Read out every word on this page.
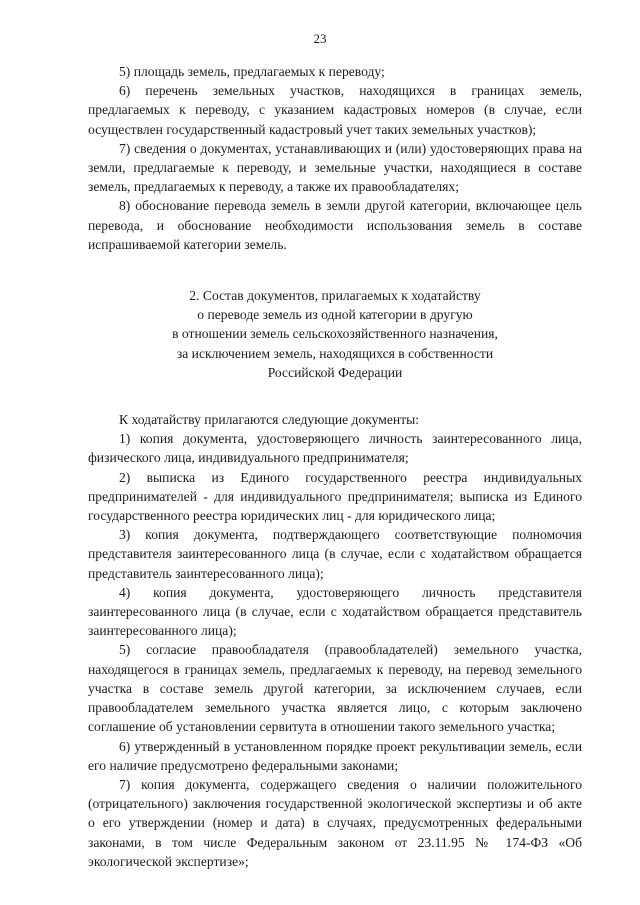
23

5) площадь земель, предлагаемых к переводу;

6) перечень земельных участков, находящихся в границах земель, предлагаемых к переводу, с указанием кадастровых номеров (в случае, если осуществлен государственный кадастровый учет таких земельных участков);

7) сведения о документах, устанавливающих и (или) удостоверяющих права на земли, предлагаемые к переводу, и земельные участки, находящиеся в составе земель, предлагаемых к переводу, а также их правообладателях;

8) обоснование перевода земель в земли другой категории, включающее цель перевода, и обоснование необходимости использования земель в составе испрашиваемой категории земель.

2. Состав документов, прилагаемых к ходатайству
о переводе земель из одной категории в другую
в отношении земель сельскохозяйственного назначения,
за исключением земель, находящихся в собственности
Российской Федерации

К ходатайству прилагаются следующие документы:

1) копия документа, удостоверяющего личность заинтересованного лица, физического лица, индивидуального предпринимателя;

2) выписка из Единого государственного реестра индивидуальных предпринимателей - для индивидуального предпринимателя; выписка из Единого государственного реестра юридических лиц - для юридического лица;

3) копия документа, подтверждающего соответствующие полномочия представителя заинтересованного лица (в случае, если с ходатайством обращается представитель заинтересованного лица);

4) копия документа, удостоверяющего личность представителя заинтересованного лица (в случае, если с ходатайством обращается представитель заинтересованного лица);

5) согласие правообладателя (правообладателей) земельного участка, находящегося в границах земель, предлагаемых к переводу, на перевод земельного участка в составе земель другой категории, за исключением случаев, если правообладателем земельного участка является лицо, с которым заключено соглашение об установлении сервитута в отношении такого земельного участка;

6) утвержденный в установленном порядке проект рекультивации земель, если его наличие предусмотрено федеральными законами;

7) копия документа, содержащего сведения о наличии положительного (отрицательного) заключения государственной экологической экспертизы и об акте о его утверждении (номер и дата) в случаях, предусмотренных федеральными законами, в том числе Федеральным законом от 23.11.95 № 174-ФЗ «Об экологической экспертизе»;
